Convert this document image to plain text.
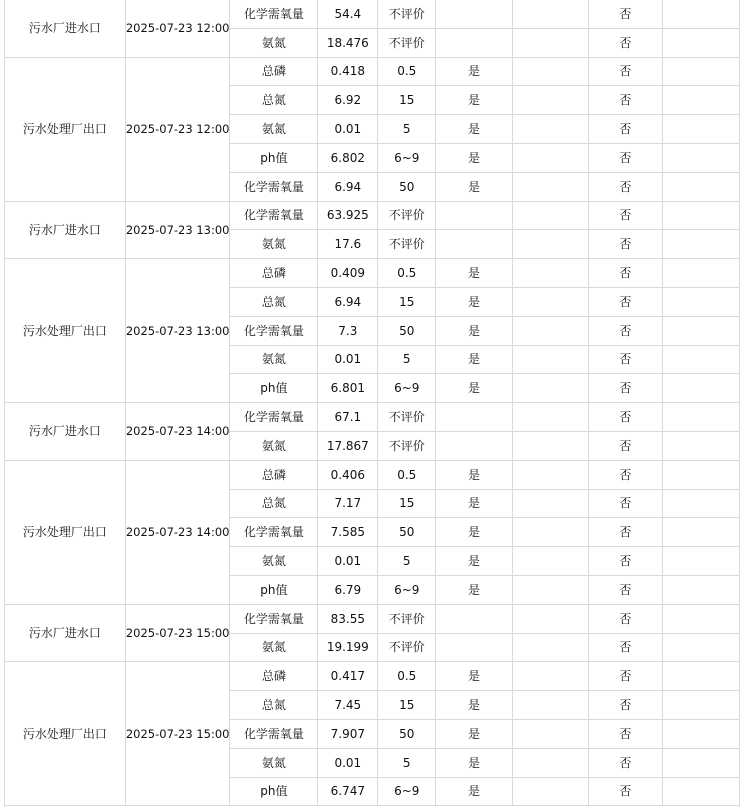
污水厂进水口	2025-07-23 12:00	化学需氧量	54.4	不评价			否	
		氨氮	18.476	不评价			否	
污水处理厂出口	2025-07-23 12:00	总磷	0.418	0.5	是		否	
		总氮	6.92	15	是		否	
		氨氮	0.01	5	是		否	
		ph值	6.802	6~9	是		否	
		化学需氧量	6.94	50	是		否	
污水厂进水口	2025-07-23 13:00	化学需氧量	63.925	不评价			否	
		氨氮	17.6	不评价			否	
污水处理厂出口	2025-07-23 13:00	总磷	0.409	0.5	是		否	
		总氮	6.94	15	是		否	
		化学需氧量	7.3	50	是		否	
		氨氮	0.01	5	是		否	
		ph值	6.801	6~9	是		否	
污水厂进水口	2025-07-23 14:00	化学需氧量	67.1	不评价			否	
		氨氮	17.867	不评价			否	
污水处理厂出口	2025-07-23 14:00	总磷	0.406	0.5	是		否	
		总氮	7.17	15	是		否	
		化学需氧量	7.585	50	是		否	
		氨氮	0.01	5	是		否	
		ph值	6.79	6~9	是		否	
污水厂进水口	2025-07-23 15:00	化学需氧量	83.55	不评价			否	
		氨氮	19.199	不评价			否	
污水处理厂出口	2025-07-23 15:00	总磷	0.417	0.5	是		否	
		总氮	7.45	15	是		否	
		化学需氧量	7.907	50	是		否	
		氨氮	0.01	5	是		否	
		ph值	6.747	6~9	是		否	
